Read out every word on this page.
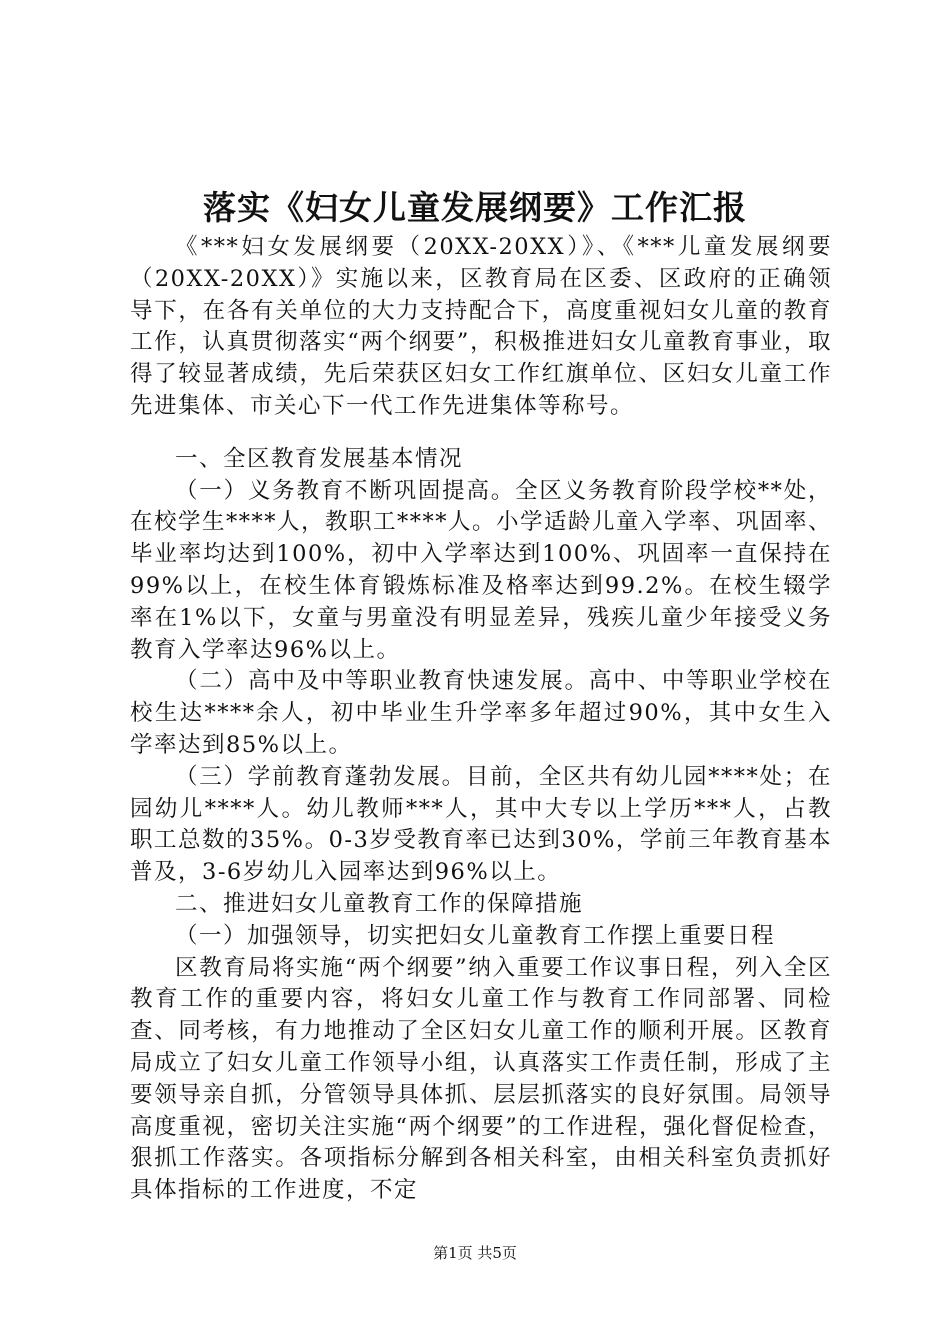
落实《妇女儿童发展纲要》工作汇报

《***妇女发展纲要（20XX-20XX）》、《***儿童发展纲要（20XX-20XX）》实施以来，区教育局在区委、区政府的正确领导下，在各有关单位的大力支持配合下，高度重视妇女儿童的教育工作，认真贯彻落实“两个纲要”，积极推进妇女儿童教育事业，取得了较显著成绩，先后荣获区妇女工作红旗单位、区妇女儿童工作先进集体、市关心下一代工作先进集体等称号。

一、全区教育发展基本情况

（一）义务教育不断巩固提高。全区义务教育阶段学校**处，在校学生****人，教职工****人。小学适龄儿童入学率、巩固率、毕业率均达到100%，初中入学率达到100%、巩固率一直保持在99%以上，在校生体育锻炼标准及格率达到99.2%。在校生辍学率在1%以下，女童与男童没有明显差异，残疾儿童少年接受义务教育入学率达96%以上。

（二）高中及中等职业教育快速发展。高中、中等职业学校在校生达****余人，初中毕业生升学率多年超过90%，其中女生入学率达到85%以上。

（三）学前教育蓬勃发展。目前，全区共有幼儿园****处；在园幼儿****人。幼儿教师***人，其中大专以上学历***人，占教职工总数的35%。0-3岁受教育率已达到30%，学前三年教育基本普及，3-6岁幼儿入园率达到96%以上。

二、推进妇女儿童教育工作的保障措施

（一）加强领导，切实把妇女儿童教育工作摆上重要日程

区教育局将实施“两个纲要”纳入重要工作议事日程，列入全区教育工作的重要内容，将妇女儿童工作与教育工作同部署、同检查、同考核，有力地推动了全区妇女儿童工作的顺利开展。区教育局成立了妇女儿童工作领导小组，认真落实工作责任制，形成了主要领导亲自抓，分管领导具体抓、层层抓落实的良好氛围。局领导高度重视，密切关注实施“两个纲要”的工作进程，强化督促检查，狠抓工作落实。各项指标分解到各相关科室，由相关科室负责抓好具体指标的工作进度，不定

第1页 共5页
